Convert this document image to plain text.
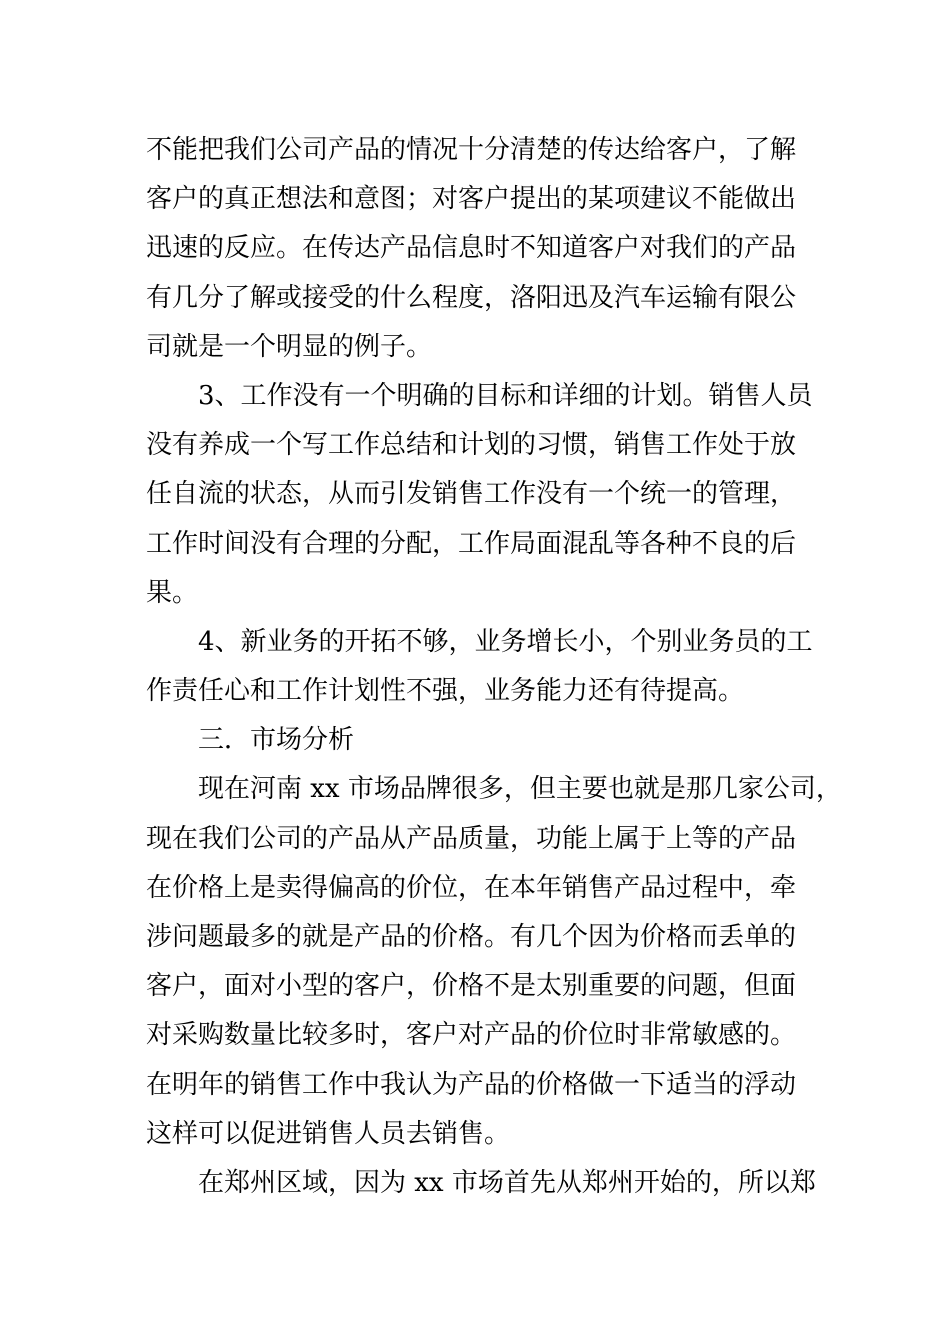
不能把我们公司产品的情况十分清楚的传达给客户，了解
客户的真正想法和意图；对客户提出的某项建议不能做出
迅速的反应。在传达产品信息时不知道客户对我们的产品
有几分了解或接受的什么程度，洛阳迅及汽车运输有限公
司就是一个明显的例子。
3、工作没有一个明确的目标和详细的计划。销售人员
没有养成一个写工作总结和计划的习惯，销售工作处于放
任自流的状态，从而引发销售工作没有一个统一的管理，
工作时间没有合理的分配，工作局面混乱等各种不良的后
果。
4、新业务的开拓不够，业务增长小，个别业务员的工
作责任心和工作计划性不强，业务能力还有待提高。
三．市场分析
现在河南 xx 市场品牌很多，但主要也就是那几家公司，
现在我们公司的产品从产品质量，功能上属于上等的产品
在价格上是卖得偏高的价位，在本年销售产品过程中，牵
涉问题最多的就是产品的价格。有几个因为价格而丢单的
客户，面对小型的客户，价格不是太别重要的问题，但面
对采购数量比较多时，客户对产品的价位时非常敏感的。
在明年的销售工作中我认为产品的价格做一下适当的浮动
这样可以促进销售人员去销售。
在郑州区域，因为 xx 市场首先从郑州开始的，所以郑
